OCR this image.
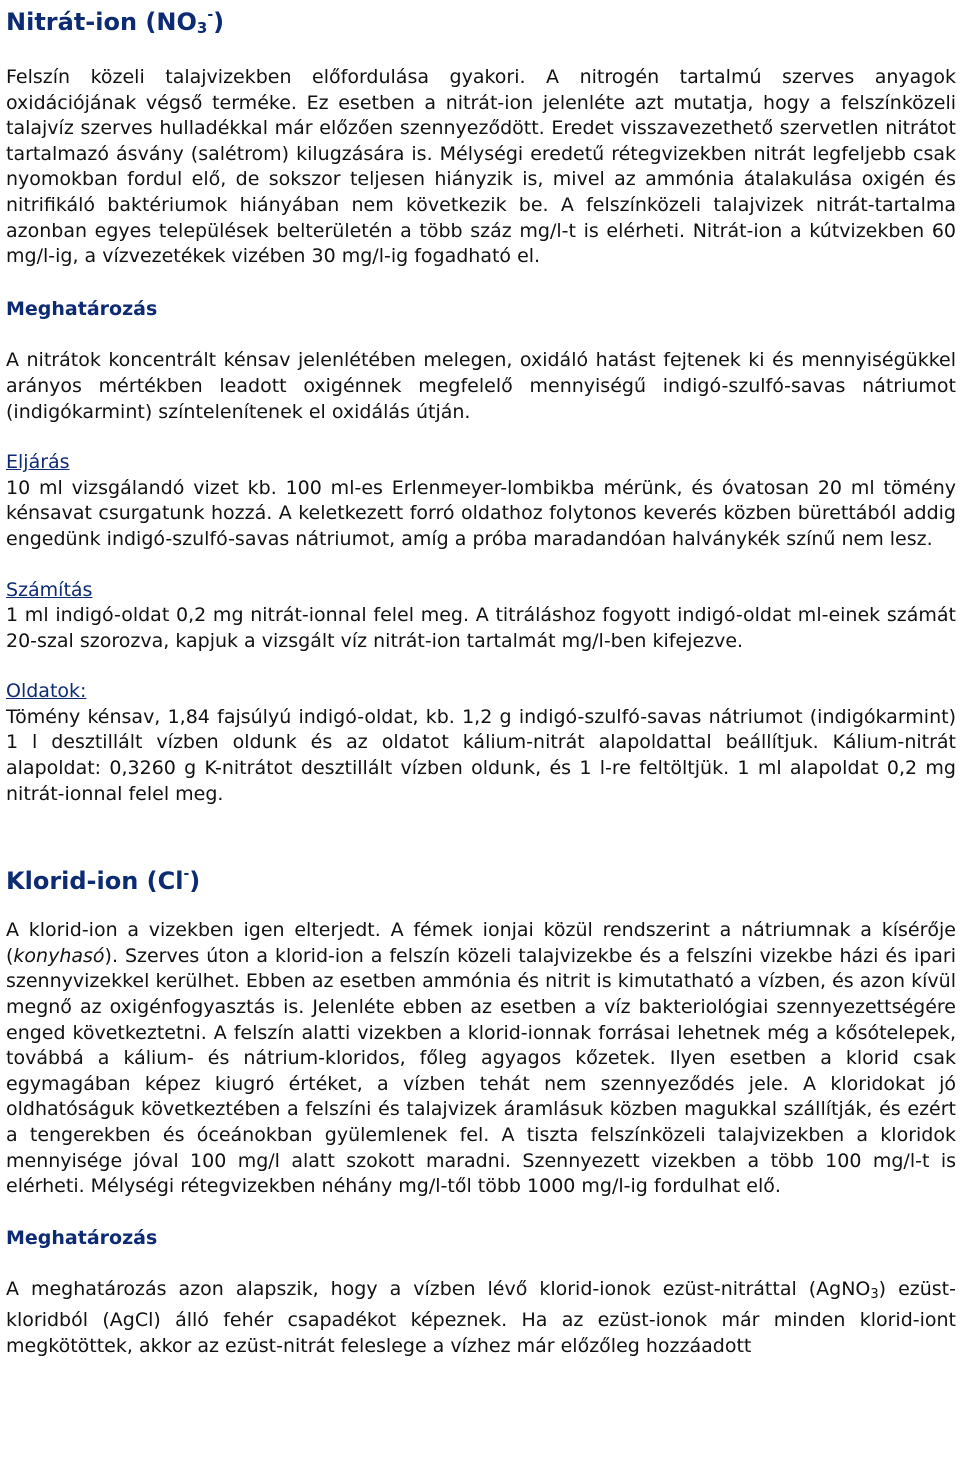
Nitrát-ion $(NO_3^-)$

Felszín közeli talajvizekben előfordulása gyakori. A nitrogén tartalmú szerves anyagok oxidációjának végső terméke. Ez esetben a nitrát-ion jelenléte azt mutatja, hogy a felszínközeli talajvíz szerves hulladékkal már előzően szennyeződött. Eredet visszavezethető szervetlen nitrátot tartalmazó ásvány (salétrom) kilugzására is. Mélységi eredetű rétegvizekben nitrát legfeljebb csak nyomokban fordul elő, de sokszor teljesen hiányzik is, mivel az ammónia átalakulása oxigén és nitrifikáló baktériumok hiányában nem következik be. A felszínközeli talajvizek nitrát-tartalma azonban egyes települések belterületén a több száz mg/l-t is elérheti. Nitrát-ion a kútvizekben 60 mg/l-ig, a vízvezetékek vizében 30 mg/l-ig fogadható el.

Meghatározás

A nitrátok koncentrált kénsav jelenlétében melegen, oxidáló hatást fejtenek ki és mennyiségükkel arányos mértékben leadott oxigénnek megfelelő mennyiségű indigó-szulfó-savas nátriumot (indigókarmint) színtelenítenek el oxidálás útján.

Eljárás

10 ml vizsgálandó vizet kb. 100 ml-es Erlenmeyer-lombikba mérünk, és óvatosan 20 ml tömény kénsavat csurgatunk hozzá. A keletkezett forró oldathoz folytonos keverés közben bürettából addig engedünk indigó-szulfó-savas nátriumot, amíg a próba maradandóan halványkék színű nem lesz.

Számítás

1 ml indigó-oldat 0,2 mg nitrát-ionnal felel meg. A titráláshoz fogyott indigó-oldat ml-einek számát 20-szal szorozva, kapjuk a vizsgált víz nitrát-ion tartalmát mg/l-ben kifejezve.

Oldatok:

Tömény kénsav, 1,84 fajsúlyú indigó-oldat, kb. 1,2 g indigó-szulfó-savas nátriumot (indigókarmint) 1 l desztillált vízben oldunk és az oldatot kálium-nitrát alapoldattal beállítjuk. Kálium-nitrát alapoldat: 0,3260 g K-nitrátot desztillált vízben oldunk, és 1 l-re feltöltjük. 1 ml alapoldat 0,2 mg nitrát-ionnal felel meg.

Klorid-ion (Cl-)

A klorid-ion a vizekben igen elterjedt. A fémek ionjai közül rendszerint a nátriumnak a kísérője (konyhasó). Szerves úton a klorid-ion a felszín közeli talajvizekbe és a felszíni vizekbe házi és ipari szennyvizekkel kerülhet. Ebben az esetben ammónia és nitrit is kimutatható a vízben, és azon kívül megnő az oxigénfogyasztás is. Jelenléte ebben az esetben a víz bakteriológiai szennyezettségére enged következtetni. A felszín alatti vizekben a klorid-ionnak forrásai lehetnek még a kősótelepek, továbbá a kálium- és nátrium-kloridos, főleg agyagos kőzetek. Ilyen esetben a klorid csak egymagában képez kiugró értéket, a vízben tehát nem szennyeződés jele. A kloridokat jó oldhatóságuk következtében a felszíni és talajvizek áramlásuk közben magukkal szállítják, és ezért a tengerekben és óceánokban gyülemlenek fel. A tiszta felszínközeli talajvizekben a kloridok mennyisége jóval 100 mg/l alatt szokott maradni. Szennyezett vizekben a több 100 mg/l-t is elérheti. Mélységi rétegvizekben néhány mg/l-től több 1000 mg/l-ig fordulhat elő.

Meghatározás

A meghatározás azon alapszik, hogy a vízben lévő klorid-ionok ezüst-nitráttal (AgNO$_3$) ezüst-kloridból (AgCl) álló fehér csapadékot képeznek. Ha az ezüst-ionok már minden klorid-iont megkötöttek, akkor az ezüst-nitrát feleslege a vízhez már előzőleg hozzáadott
